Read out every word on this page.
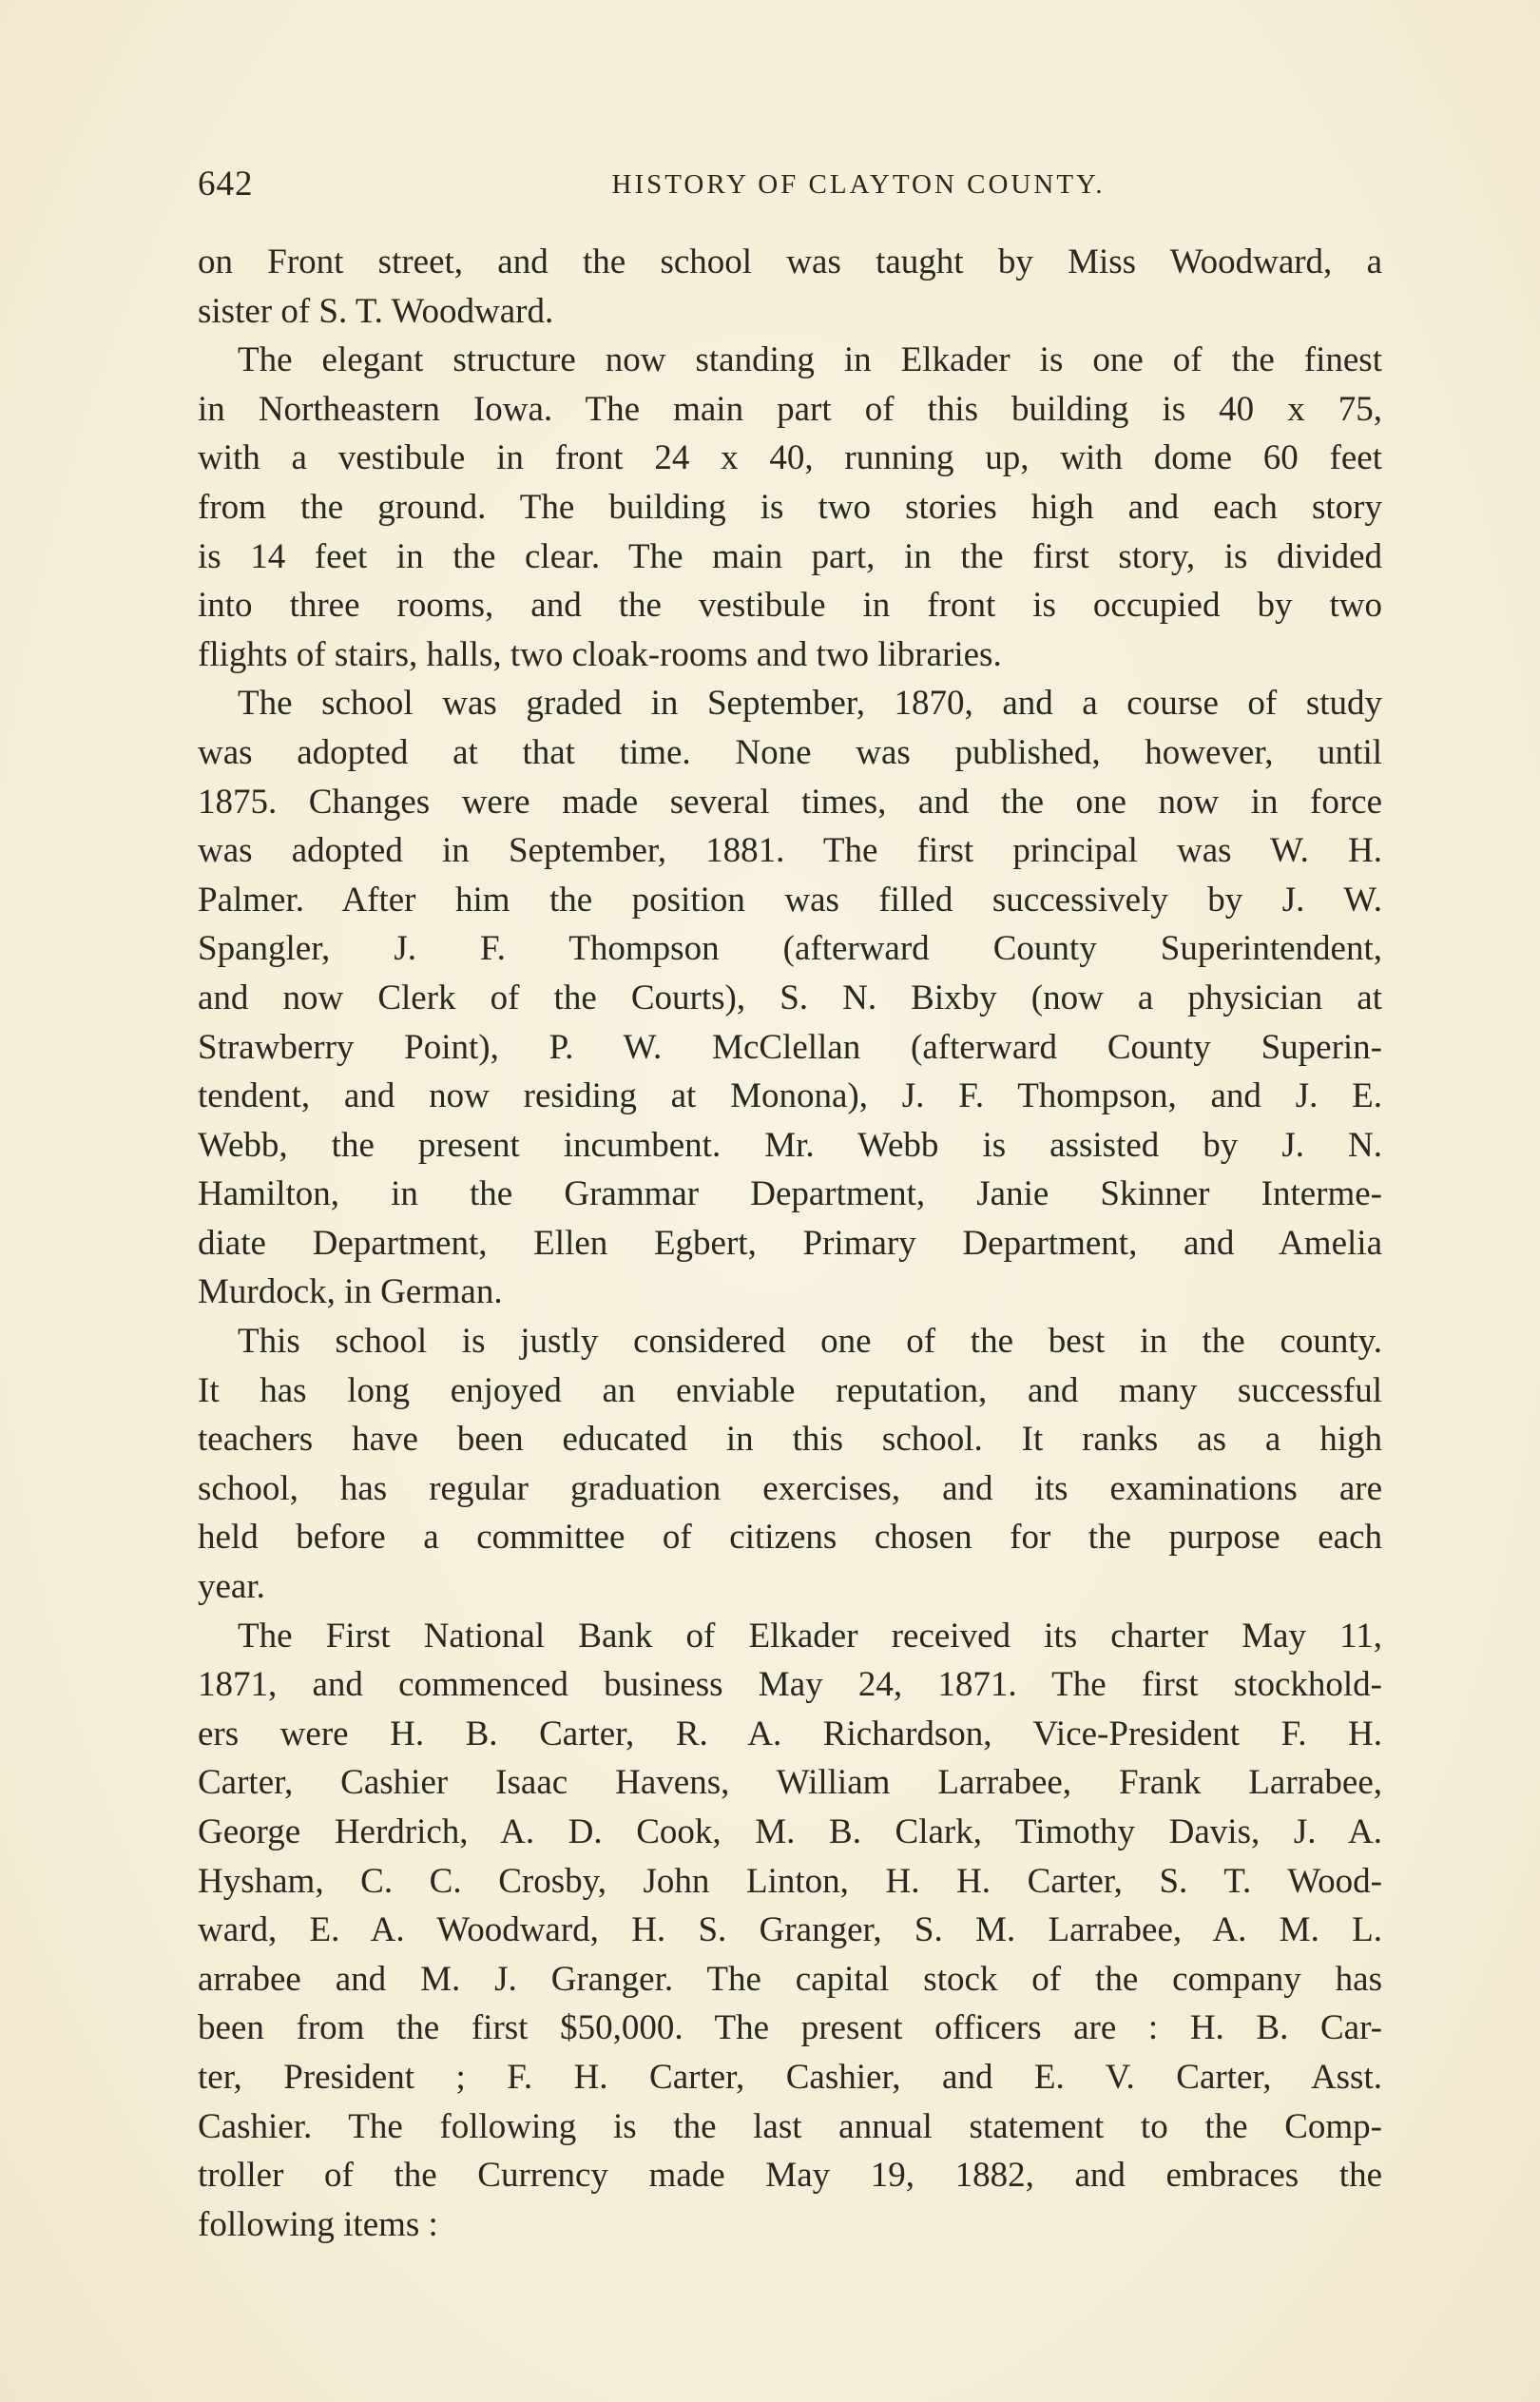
642	HISTORY OF CLAYTON COUNTY.
on Front street, and the school was taught by Miss Woodward, a
sister of S. T. Woodward.
The elegant structure now standing in Elkader is one of the finest
in Northeastern Iowa. The main part of this building is 40 x 75,
with a vestibule in front 24 x 40, running up, with dome 60 feet
from the ground. The building is two stories high and each story
is 14 feet in the clear. The main part, in the first story, is divided
into three rooms, and the vestibule in front is occupied by two
flights of stairs, halls, two cloak-rooms and two libraries.
The school was graded in September, 1870, and a course of study
was adopted at that time. None was published, however, until
1875. Changes were made several times, and the one now in force
was adopted in September, 1881. The first principal was W. H.
Palmer. After him the position was filled successively by J. W.
Spangler, J. F. Thompson (afterward County Superintendent,
and now Clerk of the Courts), S. N. Bixby (now a physician at
Strawberry Point), P. W. McClellan (afterward County Superin-
tendent, and now residing at Monona), J. F. Thompson, and J. E.
Webb, the present incumbent. Mr. Webb is assisted by J. N.
Hamilton, in the Grammar Department, Janie Skinner Interme-
diate Department, Ellen Egbert, Primary Department, and Amelia
Murdock, in German.
This school is justly considered one of the best in the county.
It has long enjoyed an enviable reputation, and many successful
teachers have been educated in this school. It ranks as a high
school, has regular graduation exercises, and its examinations are
held before a committee of citizens chosen for the purpose each
year.
The First National Bank of Elkader received its charter May 11,
1871, and commenced business May 24, 1871. The first stockhold-
ers were H. B. Carter, R. A. Richardson, Vice-President F. H.
Carter, Cashier Isaac Havens, William Larrabee, Frank Larrabee,
George Herdrich, A. D. Cook, M. B. Clark, Timothy Davis, J. A.
Hysham, C. C. Crosby, John Linton, H. H. Carter, S. T. Wood-
ward, E. A. Woodward, H. S. Granger, S. M. Larrabee, A. M. L.
arrabee and M. J. Granger. The capital stock of the company has
been from the first $50,000. The present officers are : H. B. Car-
ter, President ; F. H. Carter, Cashier, and E. V. Carter, Asst.
Cashier. The following is the last annual statement to the Comp-
troller of the Currency made May 19, 1882, and embraces the
following items :
